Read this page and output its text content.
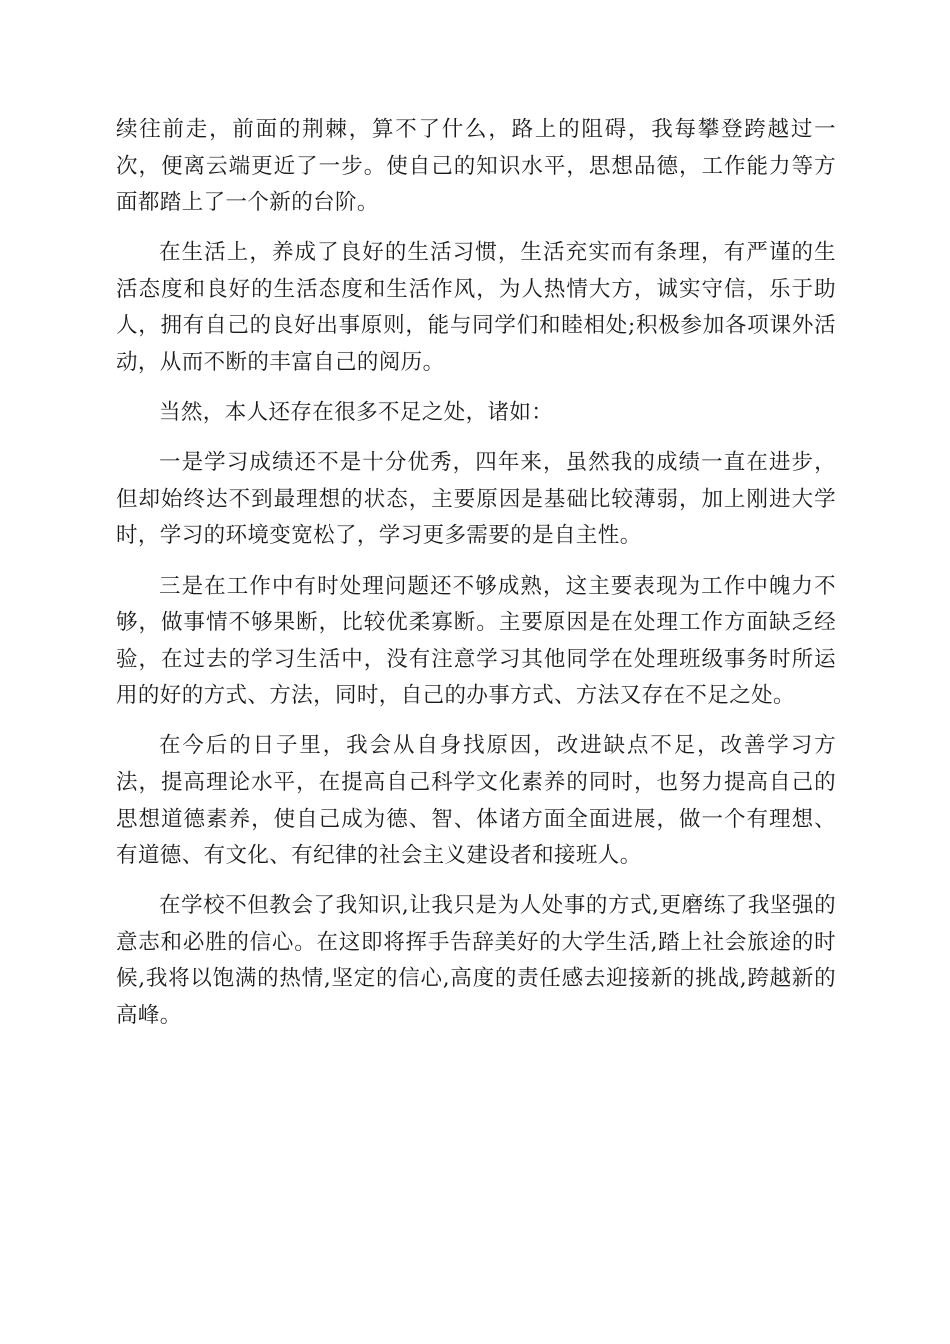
续往前走，前面的荆棘，算不了什么，路上的阻碍，我每攀登跨越过一次，便离云端更近了一步。使自己的知识水平，思想品德，工作能力等方面都踏上了一个新的台阶。

在生活上，养成了良好的生活习惯，生活充实而有条理，有严谨的生活态度和良好的生活态度和生活作风，为人热情大方，诚实守信，乐于助人，拥有自己的良好出事原则，能与同学们和睦相处;积极参加各项课外活动，从而不断的丰富自己的阅历。

当然，本人还存在很多不足之处，诸如：

一是学习成绩还不是十分优秀，四年来，虽然我的成绩一直在进步，但却始终达不到最理想的状态，主要原因是基础比较薄弱，加上刚进大学时，学习的环境变宽松了，学习更多需要的是自主性。

三是在工作中有时处理问题还不够成熟，这主要表现为工作中魄力不够，做事情不够果断，比较优柔寡断。主要原因是在处理工作方面缺乏经验，在过去的学习生活中，没有注意学习其他同学在处理班级事务时所运用的好的方式、方法，同时，自己的办事方式、方法又存在不足之处。

在今后的日子里，我会从自身找原因，改进缺点不足，改善学习方法，提高理论水平，在提高自己科学文化素养的同时，也努力提高自己的思想道德素养，使自己成为德、智、体诸方面全面进展，做一个有理想、有道德、有文化、有纪律的社会主义建设者和接班人。

在学校不但教会了我知识,让我只是为人处事的方式,更磨练了我坚强的意志和必胜的信心。在这即将挥手告辞美好的大学生活,踏上社会旅途的时候,我将以饱满的热情,坚定的信心,高度的责任感去迎接新的挑战,跨越新的高峰。
